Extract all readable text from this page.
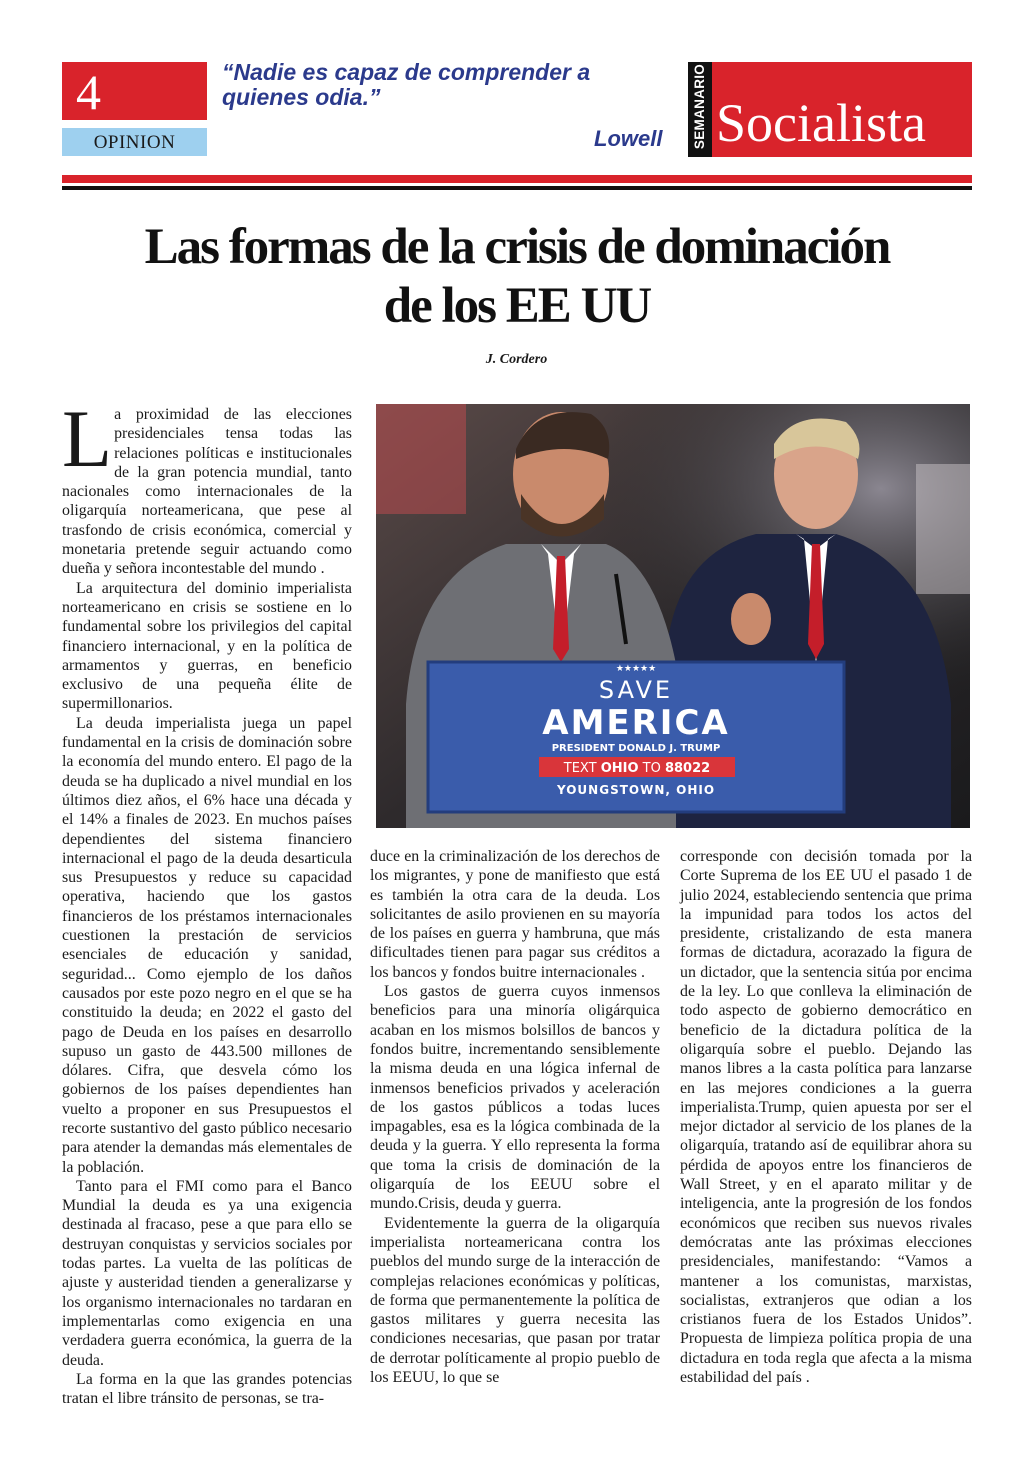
4
OPINION
“Nadie es capaz de comprender a quienes odia.”
Lowell SEMANARIO Socialista
Las formas de la crisis de dominación
de los EE UU
J. Cordero

La proximidad de las elecciones presidenciales tensa todas las relaciones políticas e institucionales de la gran potencia mundial, tanto nacionales como internacionales de la oligarquía norteamericana, que pese al trasfondo de crisis económica, comercial y monetaria pretende seguir actuando como dueña y señora incontestable del mundo .

La arquitectura del dominio imperialista norteamericano en crisis se sostiene en lo fundamental sobre los privilegios del capital financiero internacional, y en la política de armamentos y guerras, en beneficio exclusivo de una pequeña élite de supermillonarios.

La deuda imperialista juega un papel fundamental en la crisis de dominación sobre la economía del mundo entero. El pago de la deuda se ha duplicado a nivel mundial en los últimos diez años, el 6% hace una década y el 14% a finales de 2023. En muchos países dependientes del sistema financiero internacional el pago de la deuda desarticula sus Presupuestos y reduce su capacidad operativa, haciendo que los gastos financieros de los préstamos internacionales cuestionen la prestación de servicios esenciales de educación y sanidad, seguridad... Como ejemplo de los daños causados por este pozo negro en el que se ha constituido la deuda; en 2022 el gasto del pago de Deuda en los países en desarrollo supuso un gasto de 443.500 millones de dólares. Cifra, que desvela cómo los gobiernos de los países dependientes han vuelto a proponer en sus Presupuestos el recorte sustantivo del gasto público necesario para atender la demandas más elementales de la población.

Tanto para el FMI como para el Banco Mundial la deuda es ya una exigencia destinada al fracaso, pese a que para ello se destruyan conquistas y servicios sociales por todas partes. La vuelta de las políticas de ajuste y austeridad tienden a generalizarse y los organismo internacionales no tardaran en implementarlas como exigencia en una verdadera guerra económica, la guerra de la deuda.

La forma en la que las grandes potencias tratan el libre tránsito de personas, se tra-

duce en la criminalización de los derechos de los migrantes, y pone de manifiesto que está es también la otra cara de la deuda. Los solicitantes de asilo provienen en su mayoría de los países en guerra y hambruna, que más dificultades tienen para pagar sus créditos a los bancos y fondos buitre internacionales .

Los gastos de guerra cuyos inmensos beneficios para una minoría oligárquica acaban en los mismos bolsillos de bancos y fondos buitre, incrementando sensiblemente la misma deuda en una lógica infernal de inmensos beneficios privados y aceleración de los gastos públicos a todas luces impagables, esa es la lógica combinada de la deuda y la guerra. Y ello representa la forma que toma la crisis de dominación de la oligarquía de los EEUU sobre el mundo.Crisis, deuda y guerra.

Evidentemente la guerra de la oligarquía imperialista norteamericana contra los pueblos del mundo surge de la interacción de complejas relaciones económicas y políticas, de forma que permanentemente la política de gastos militares y guerra necesita las condiciones necesarias, que pasan por tratar de derrotar políticamente al propio pueblo de los EEUU, lo que se

corresponde con decisión tomada por la Corte Suprema de los EE UU el pasado 1 de julio 2024, estableciendo sentencia que prima la impunidad para todos los actos del presidente, cristalizando de esta manera formas de dictadura, acorazado la figura de un dictador, que la sentencia sitúa por encima de la ley. Lo que conlleva la eliminación de todo aspecto de gobierno democrático en beneficio de la dictadura política de la oligarquía sobre el pueblo. Dejando las manos libres a la casta política para lanzarse en las mejores condiciones a la guerra imperialista.Trump, quien apuesta por ser el mejor dictador al servicio de los planes de la oligarquía, tratando así de equilibrar ahora su pérdida de apoyos entre los financieros de Wall Street, y en el aparato militar y de inteligencia, ante la progresión de los fondos económicos que reciben sus nuevos rivales demócratas ante las próximas elecciones presidenciales, manifestando: “Vamos a mantener a los comunistas, marxistas, socialistas, extranjeros que odian a los cristianos fuera de los Estados Unidos”. Propuesta de limpieza política propia de una dictadura en toda regla que afecta a la misma estabilidad del país .

★★★★★
SAVE
AMERICA
PRESIDENT DONALD J. TRUMP
TEXT OHIO TO 88022
YOUNGSTOWN, OHIO
